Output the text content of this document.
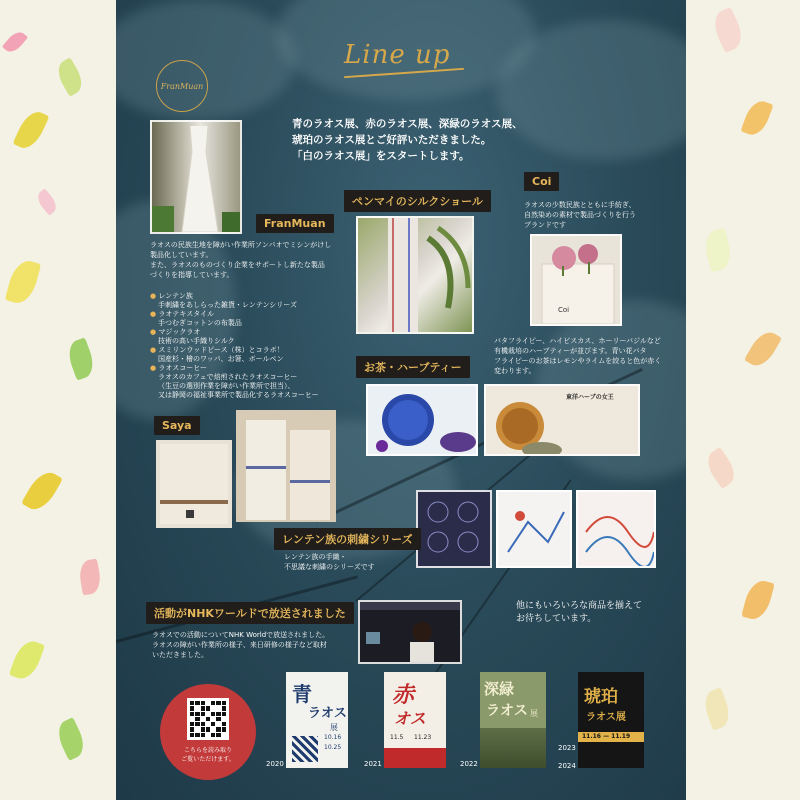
FranMuan
Line up
青のラオス展、赤のラオス展、深緑のラオス展、
琥珀のラオス展とご好評いただきました。
「白のラオス展」をスタートします。
FranMuan
ラオスの民族生地を障がい作業所ソンパオでミシンがけし
製品化しています。
また、ラオスのものづくり企業をサポートし新たな製品
づくりを指導しています。
● レンテン族
手刺繍をあしらった雑貨・レンテンシリーズ
● ラオテキスタイル
手つむぎコットンの布製品
● マジックラオ
技術の高い手織りシルク
● スミリンウッドピース（株）とコラボ！
国産杉・檜のワッパ、お箸、ボールペン
● ラオスコーヒー
ラオスのカフェで焙煎されたラオスコーヒー
（生豆の選別作業を障がい作業所で担当）、
又は静岡の福祉事業所で製品化するラオスコーヒー
ペンマイのシルクショール
Coi
ラオスの少数民族とともに手紡ぎ、
自然染めの素材で製品づくりを行う
ブランドです
Coi
お茶・ハーブティー
バタフライピー、ハイビスカス、ホーリーバジルなど
有機栽培のハーブティーが並びます。青い花バタ
フライピーのお茶はレモンやライムを絞ると色が赤く
変わります。
東洋ハーブの女王
Saya
レンテン族の刺繍シリーズ
レンテン族の手織・
不思議な刺繍のシリーズです
活動がNHKワールドで放送されました
ラオスでの活動についてNHK Worldで放送されました。
ラオスの障がい作業所の様子、来日研修の様子など取材
いただきました。
他にもいろいろな商品を揃えて
お待ちしています。
こちらを読み取り
ご覧いただけます。
2020
青
ラオス
展
10.16
10.25
2021
赤
オス
11.5 11.23
2022
深緑
ラオス 展
2023
2024
琥珀
ラオス展
11.16 — 11.19
